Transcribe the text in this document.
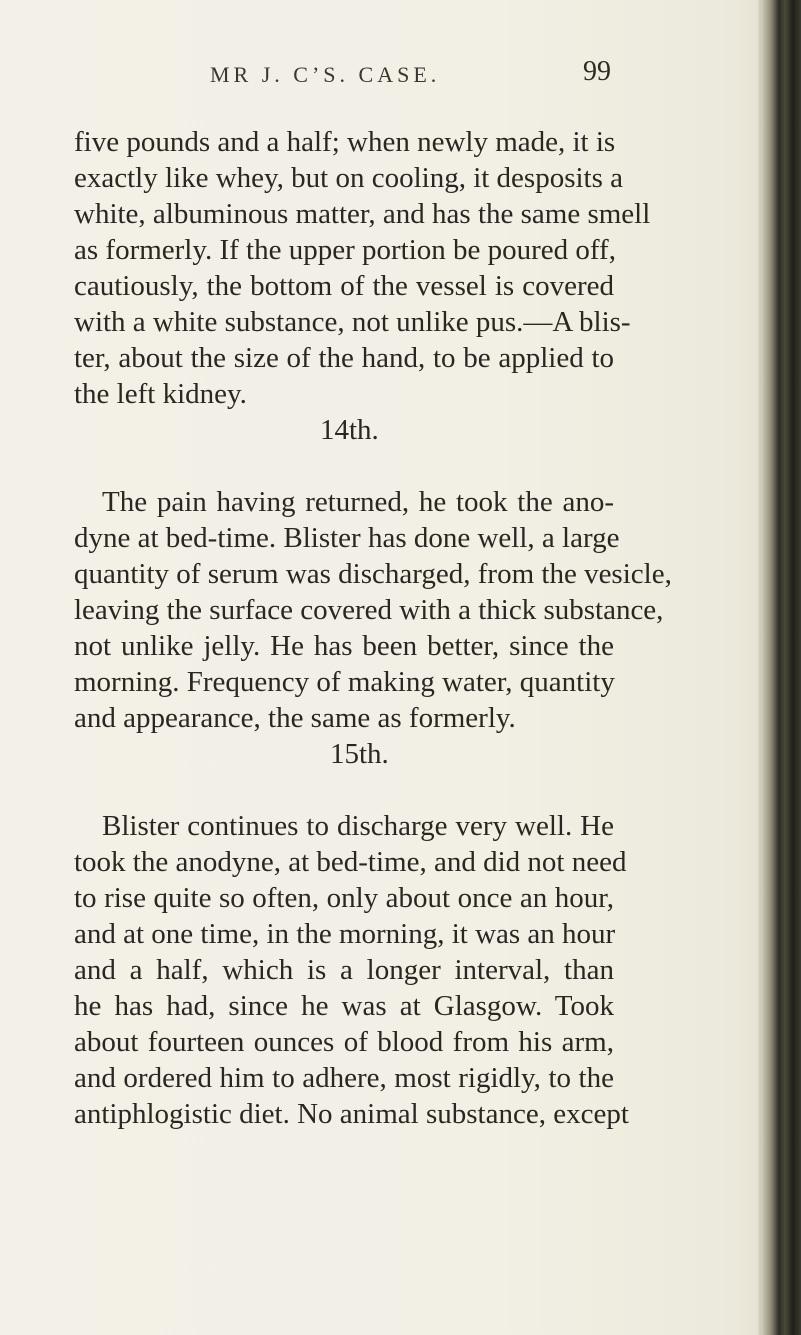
MR J. C’S. CASE.	99
five pounds and a half; when newly made, it is
exactly like whey, but on cooling, it desposits a
white, albuminous matter, and has the same smell
as formerly. If the upper portion be poured off,
cautiously, the bottom of the vessel is covered
with a white substance, not unlike pus.—A blis-
ter, about the size of the hand, to be applied to
the left kidney.
14th.
The pain having returned, he took the ano-
dyne at bed-time. Blister has done well, a large
quantity of serum was discharged, from the vesicle,
leaving the surface covered with a thick substance,
not unlike jelly. He has been better, since the
morning. Frequency of making water, quantity
and appearance, the same as formerly.
15th.
Blister continues to discharge very well. He
took the anodyne, at bed-time, and did not need
to rise quite so often, only about once an hour,
and at one time, in the morning, it was an hour
and a half, which is a longer interval, than
he has had, since he was at Glasgow. Took
about fourteen ounces of blood from his arm,
and ordered him to adhere, most rigidly, to the
antiphlogistic diet. No animal substance, except
